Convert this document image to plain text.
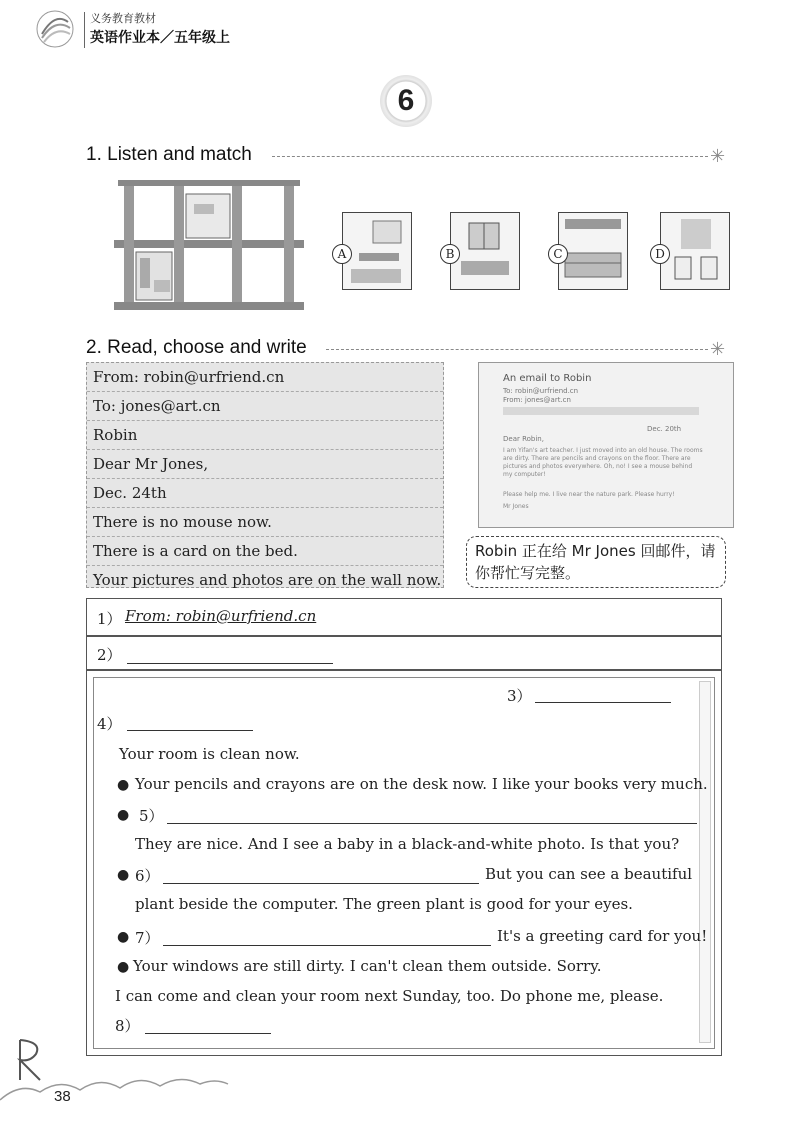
义务教育教材
英语作业本／五年级上
6
1. Listen and match	✳
A	B	C	D
2. Read, choose and write	✳
From: robin@urfriend.cn
To: jones@art.cn
Robin
Dear Mr Jones,
Dec. 24th
There is no mouse now.
There is a card on the bed.
Your pictures and photos are on the wall now.
An email to Robin
To: robin@urfriend.cn
From: jones@art.cn
Dec. 20th
Dear Robin,
I am Yifan's art teacher. I just moved into an old house. The rooms are dirty. There are pencils and crayons on the floor. There are pictures and photos everywhere. Oh, no! I see a mouse behind my computer!
Please help me. I live near the nature park. Please hurry!
Mr Jones
Robin 正在给 Mr Jones 回邮件，请你帮忙写完整。
1） From: robin@urfriend.cn
2）
3）
4）
Your room is clean now.
● Your pencils and crayons are on the desk now. I like your books very much.
● 5）
They are nice. And I see a baby in a black-and-white photo. Is that you?
● 6）	But you can see a beautiful
plant beside the computer. The green plant is good for your eyes.
● 7）	It's a greeting card for you!
● Your windows are still dirty. I can't clean them outside. Sorry.
I can come and clean your room next Sunday, too. Do phone me, please.
8）
38
